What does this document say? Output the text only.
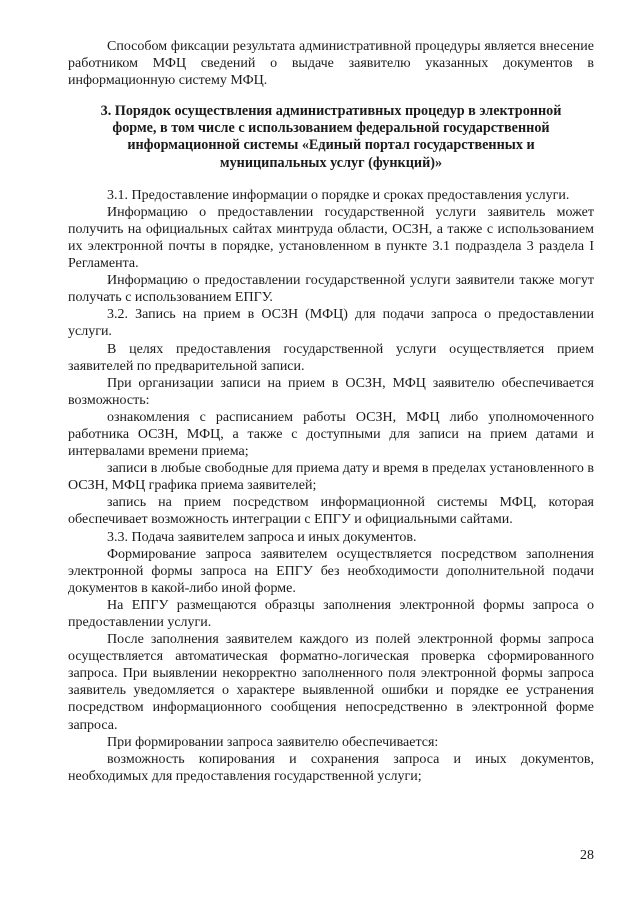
Способом фиксации результата административной процедуры является внесение работником МФЦ сведений о выдаче заявителю указанных документов в информационную систему МФЦ.

3. Порядок осуществления административных процедур в электронной форме, в том числе с использованием федеральной государственной информационной системы «Единый портал государственных и муниципальных услуг (функций)»

3.1. Предоставление информации о порядке и сроках предоставления услуги.

Информацию о предоставлении государственной услуги заявитель может получить на официальных сайтах минтруда области, ОСЗН, а также с использованием их электронной почты в порядке, установленном в пункте 3.1 подраздела 3 раздела I Регламента.

Информацию о предоставлении государственной услуги заявители также могут получать с использованием ЕПГУ.

3.2. Запись на прием в ОСЗН (МФЦ) для подачи запроса о предоставлении услуги.

В целях предоставления государственной услуги осуществляется прием заявителей по предварительной записи.

При организации записи на прием в ОСЗН, МФЦ заявителю обеспечивается возможность:

ознакомления с расписанием работы ОСЗН, МФЦ либо уполномоченного работника ОСЗН, МФЦ, а также с доступными для записи на прием датами и интервалами времени приема;

записи в любые свободные для приема дату и время в пределах установленного в ОСЗН, МФЦ графика приема заявителей;

запись на прием посредством информационной системы МФЦ, которая обеспечивает возможность интеграции с ЕПГУ и официальными сайтами.

3.3. Подача заявителем запроса и иных документов.

Формирование запроса заявителем осуществляется посредством заполнения электронной формы запроса на ЕПГУ без необходимости дополнительной подачи документов в какой-либо иной форме.

На ЕПГУ размещаются образцы заполнения электронной формы запроса о предоставлении услуги.

После заполнения заявителем каждого из полей электронной формы запроса осуществляется автоматическая форматно-логическая проверка сформированного запроса. При выявлении некорректно заполненного поля электронной формы запроса заявитель уведомляется о характере выявленной ошибки и порядке ее устранения посредством информационного сообщения непосредственно в электронной форме запроса.

При формировании запроса заявителю обеспечивается:

возможность копирования и сохранения запроса и иных документов, необходимых для предоставления государственной услуги;

28
